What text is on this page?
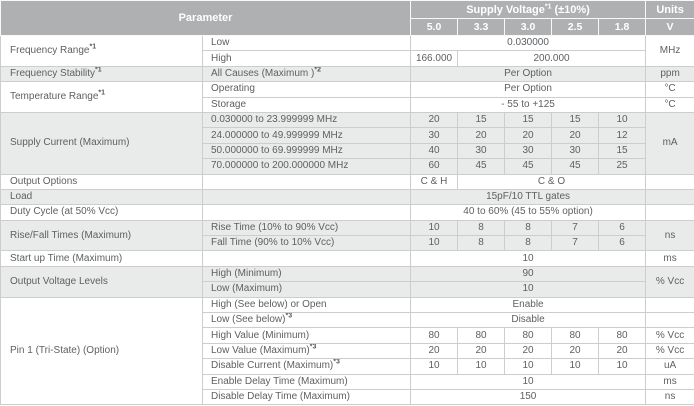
Parameter		Supply Voltage$^{*1}$ (±10%)					Units
		5.0	3.3	3.0	2.5	1.8	V
Frequency Range$^{*1}$	Low	0.030000					MHz
	High	166.000	200.000				
Frequency Stability$^{*1}$	All Causes (Maximum )$^{*2}$	Per Option					ppm
Temperature Range$^{*1}$	Operating	Per Option					°C
	Storage	- 55 to +125					°C
Supply Current (Maximum)	0.030000 to 23.999999 MHz	20	15	15	15	10	mA
	24.000000 to 49.999999 MHz	30	20	20	20	12	
	50.000000 to 69.999999 MHz	40	30	30	30	15	
	70.000000 to 200.000000 MHz	60	45	45	45	25	
Output Options		C & H	C & O				
Load		15pF/10 TTL gates					
Duty Cycle (at 50% Vcc)		40 to 60% (45 to 55% option)					
Rise/Fall Times (Maximum)	Rise Time (10% to 90% Vcc)	10	8	8	7	6	ns
	Fall Time (90% to 10% Vcc)	10	8	8	7	6	
Start up Time (Maximum)		10					ms
Output Voltage Levels	High (Minimum)	90					% Vcc
	Low (Maximum)	10					
Pin 1 (Tri-State) (Option)	High (See below) or Open	Enable					
	Low (See below)$^{*3}$	Disable					
	High Value (Minimum)	80	80	80	80	80	% Vcc
	Low Value (Maximum)$^{*3}$	20	20	20	20	20	% Vcc
	Disable Current (Maximum)$^{*3}$	10	10	10	10	10	uA
	Enable Delay Time (Maximum)	10					ms
	Disable Delay Time (Maximum)	150					ns
